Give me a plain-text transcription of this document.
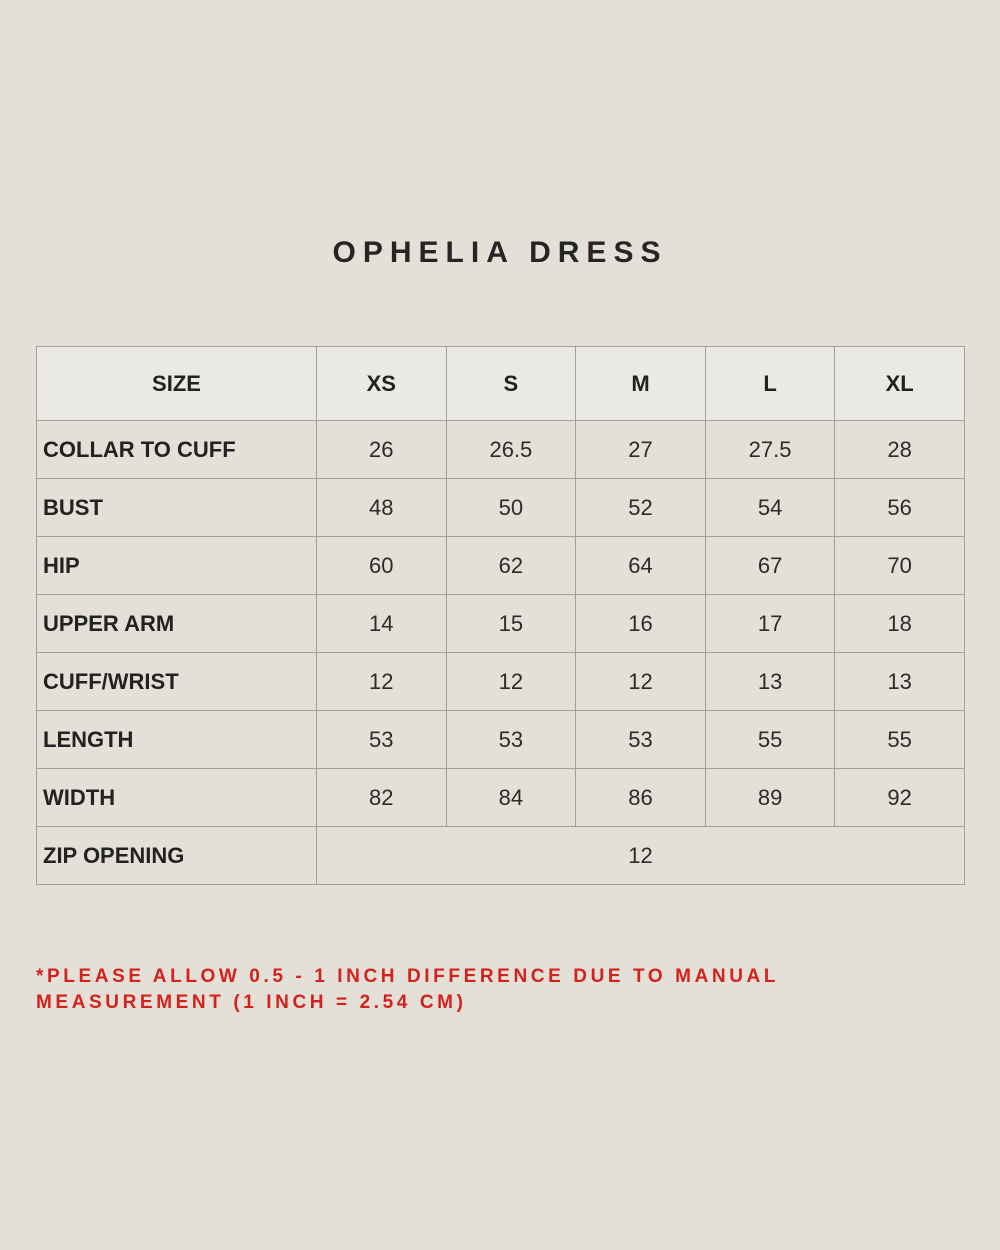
OPHELIA DRESS
SIZE	XS	S	M	L	XL
COLLAR TO CUFF	26	26.5	27	27.5	28
BUST	48	50	52	54	56
HIP	60	62	64	67	70
UPPER ARM	14	15	16	17	18
CUFF/WRIST	12	12	12	13	13
LENGTH	53	53	53	55	55
WIDTH	82	84	86	89	92
ZIP OPENING	12				

*PLEASE ALLOW 0.5 - 1 INCH DIFFERENCE DUE TO MANUAL MEASUREMENT (1 INCH = 2.54 CM)
